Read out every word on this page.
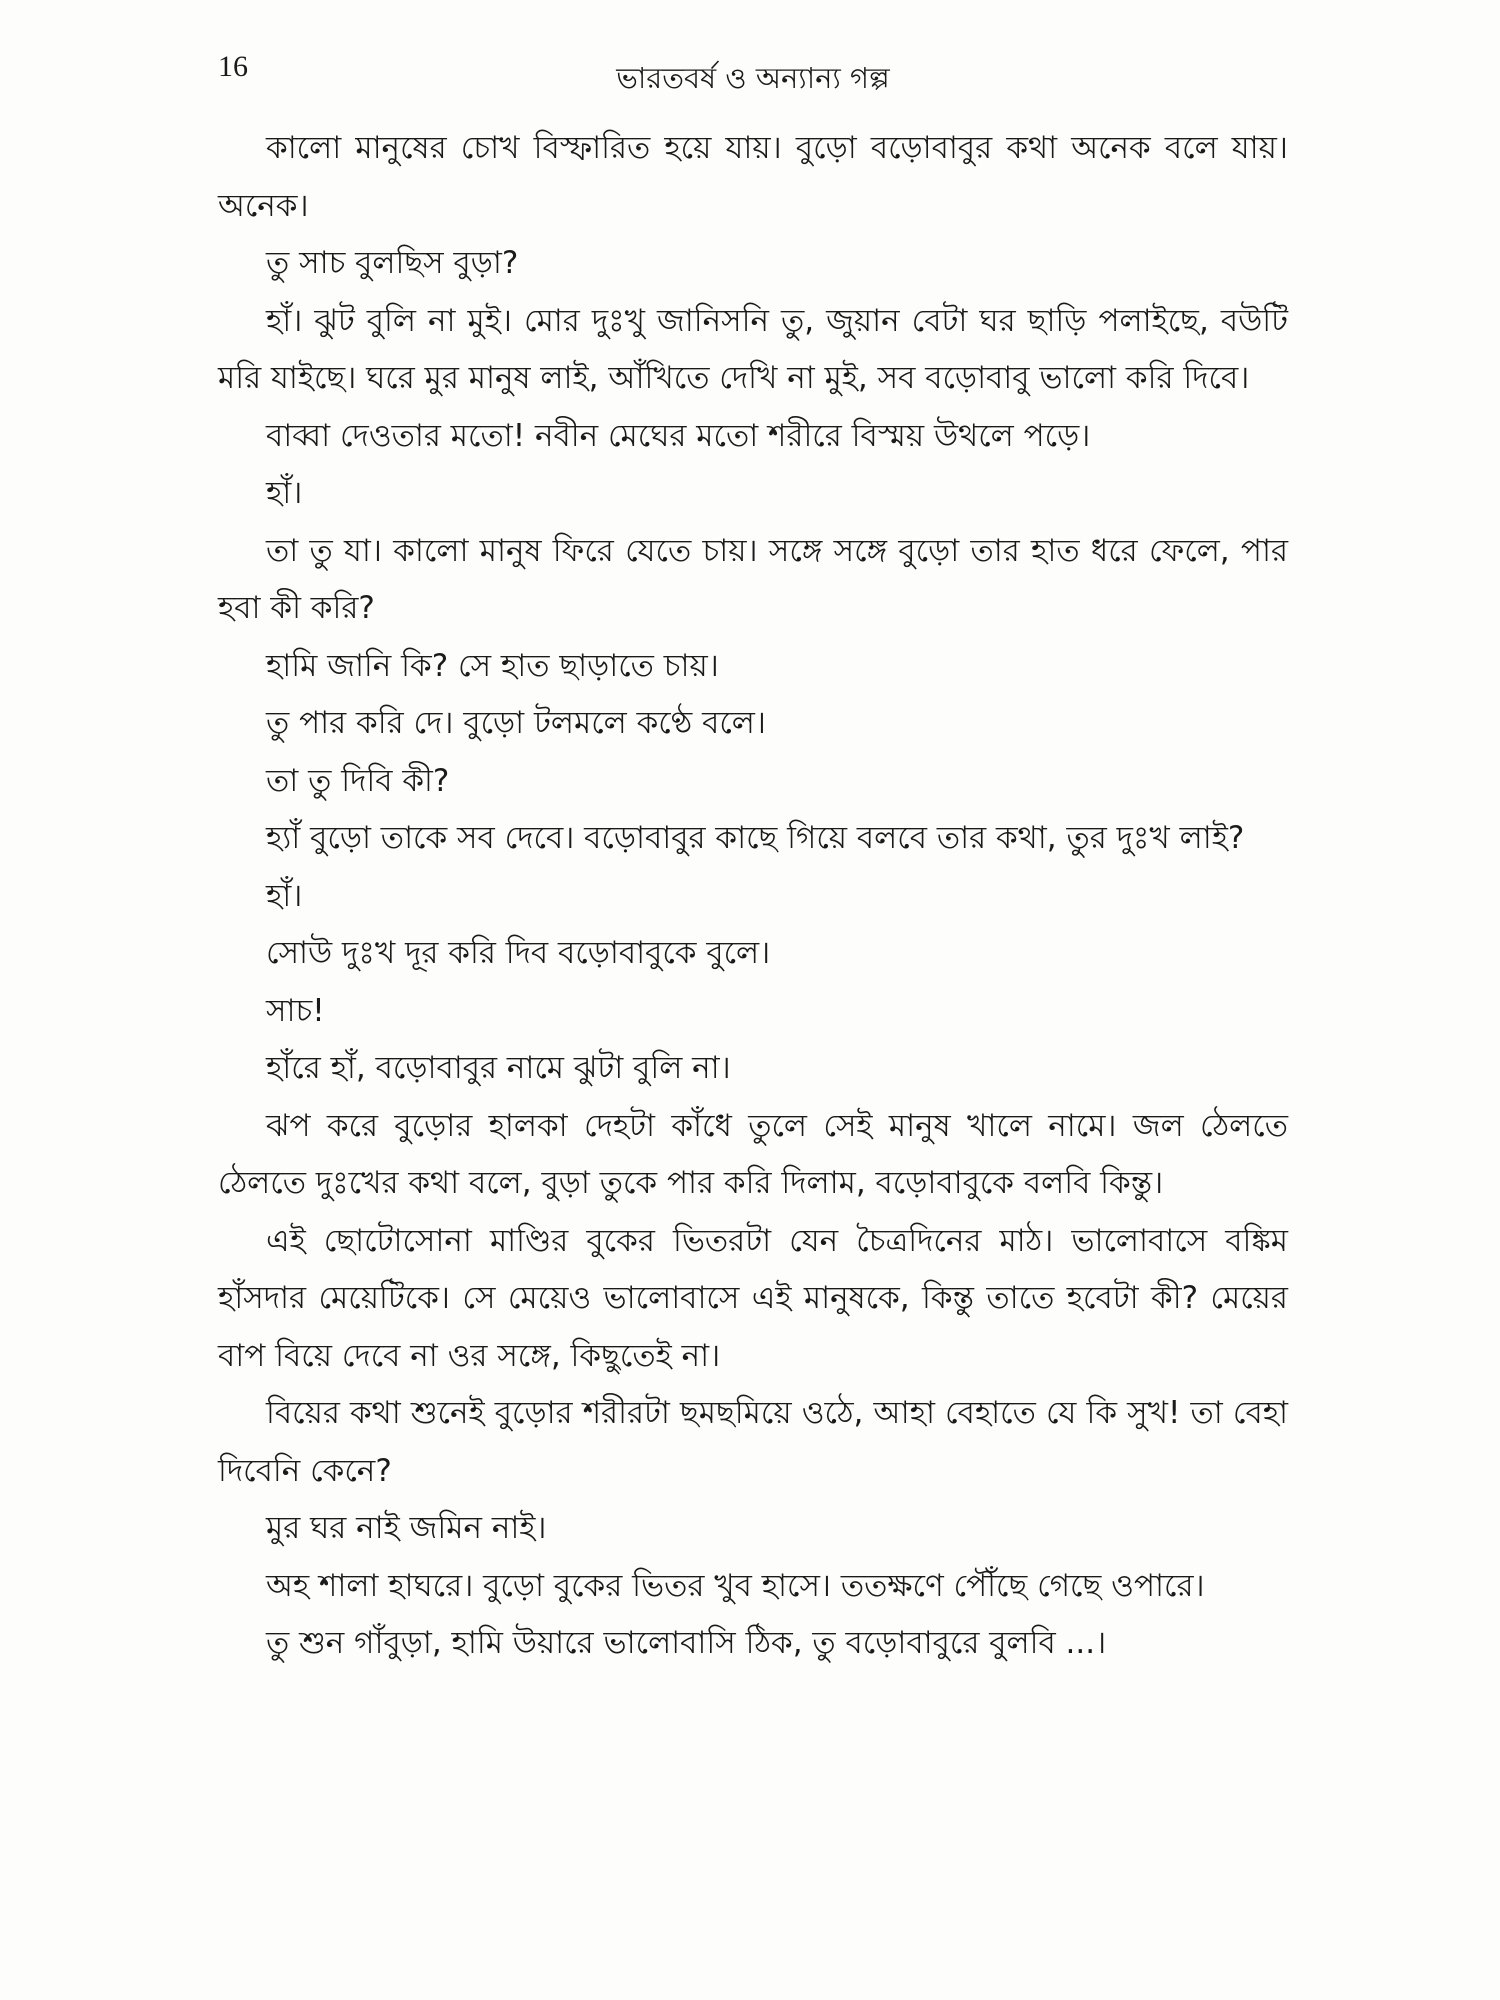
16	ভারতবর্ষ ও অন্যান্য গল্প

কালো মানুষের চোখ বিস্ফারিত হয়ে যায়। বুড়ো বড়োবাবুর কথা অনেক বলে যায়। অনেক।

তু সাচ বুলছিস বুড়া?

হাঁ। ঝুট বুলি না মুই। মোর দুঃখু জানিসনি তু, জুয়ান বেটা ঘর ছাড়ি পলাইছে, বউটি মরি যাইছে। ঘরে মুর মানুষ লাই, আঁখিতে দেখি না মুই, সব বড়োবাবু ভালো করি দিবে।

বাব্বা দেওতার মতো! নবীন মেঘের মতো শরীরে বিস্ময় উথলে পড়ে।

হাঁ।

তা তু যা। কালো মানুষ ফিরে যেতে চায়। সঙ্গে সঙ্গে বুড়ো তার হাত ধরে ফেলে, পার হবা কী করি?

হামি জানি কি? সে হাত ছাড়াতে চায়।

তু পার করি দে। বুড়ো টলমলে কণ্ঠে বলে।

তা তু দিবি কী?

হ্যাঁ বুড়ো তাকে সব দেবে। বড়োবাবুর কাছে গিয়ে বলবে তার কথা, তুর দুঃখ লাই?

হাঁ।

সোউ দুঃখ দূর করি দিব বড়োবাবুকে বুলে।

সাচ!

হাঁরে হাঁ, বড়োবাবুর নামে ঝুটা বুলি না।

ঝপ করে বুড়োর হালকা দেহটা কাঁধে তুলে সেই মানুষ খালে নামে। জল ঠেলতে ঠেলতে দুঃখের কথা বলে, বুড়া তুকে পার করি দিলাম, বড়োবাবুকে বলবি কিন্তু।

এই ছোটোসোনা মাণ্ডির বুকের ভিতরটা যেন চৈত্রদিনের মাঠ। ভালোবাসে বঙ্কিম হাঁসদার মেয়েটিকে। সে মেয়েও ভালোবাসে এই মানুষকে, কিন্তু তাতে হবেটা কী? মেয়ের বাপ বিয়ে দেবে না ওর সঙ্গে, কিছুতেই না।

বিয়ের কথা শুনেই বুড়োর শরীরটা ছমছমিয়ে ওঠে, আহা বেহাতে যে কি সুখ! তা বেহা দিবেনি কেনে?

মুর ঘর নাই জমিন নাই।

অহ শালা হাঘরে। বুড়ো বুকের ভিতর খুব হাসে। ততক্ষণে পৌঁছে গেছে ওপারে।

তু শুন গাঁবুড়া, হামি উয়ারে ভালোবাসি ঠিক, তু বড়োবাবুরে বুলবি ...।
